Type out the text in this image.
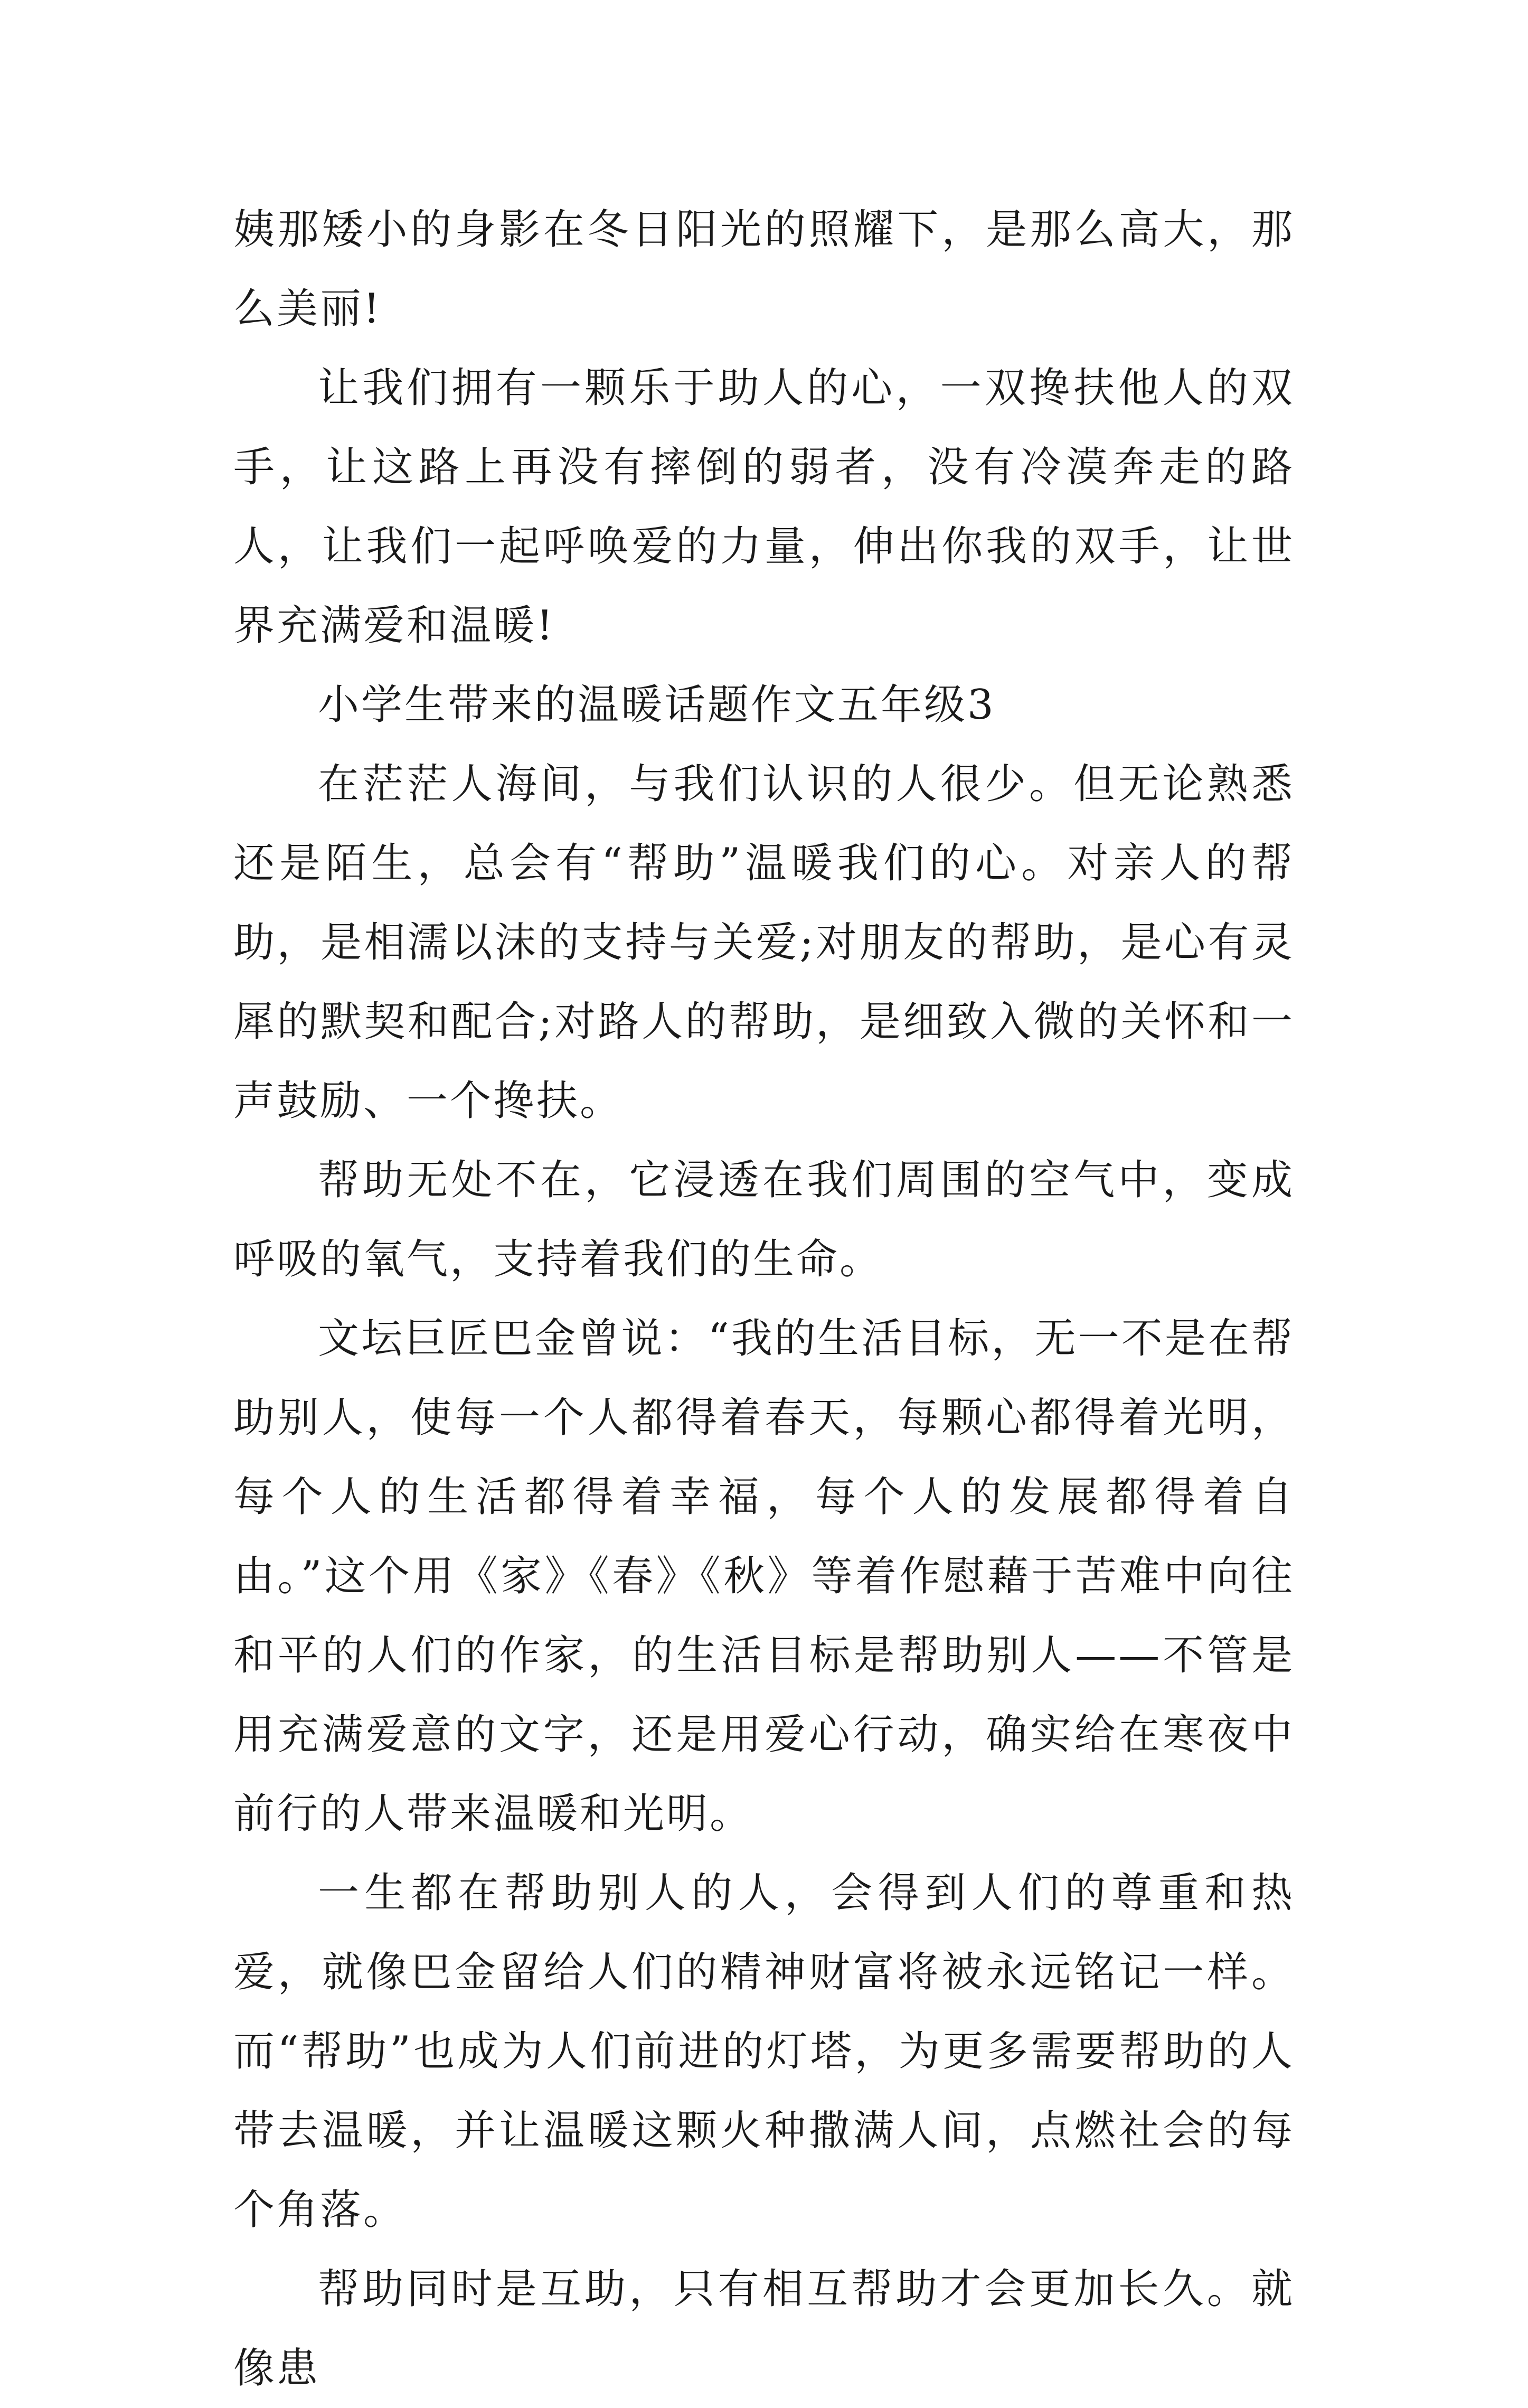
姨那矮小的身影在冬日阳光的照耀下，是那么高大，那么美丽!

让我们拥有一颗乐于助人的心，一双搀扶他人的双手，让这路上再没有摔倒的弱者，没有冷漠奔走的路人，让我们一起呼唤爱的力量，伸出你我的双手，让世界充满爱和温暖!

小学生带来的温暖话题作文五年级3

在茫茫人海间，与我们认识的人很少。但无论熟悉还是陌生，总会有“帮助”温暖我们的心。对亲人的帮助，是相濡以沫的支持与关爱;对朋友的帮助，是心有灵犀的默契和配合;对路人的帮助，是细致入微的关怀和一声鼓励、一个搀扶。

帮助无处不在，它浸透在我们周围的空气中，变成呼吸的氧气，支持着我们的生命。

文坛巨匠巴金曾说：“我的生活目标，无一不是在帮助别人，使每一个人都得着春天，每颗心都得着光明，每个人的生活都得着幸福，每个人的发展都得着自由。”这个用《家》《春》《秋》等着作慰藉于苦难中向往和平的人们的作家，的生活目标是帮助别人——不管是用充满爱意的文字，还是用爱心行动，确实给在寒夜中前行的人带来温暖和光明。

一生都在帮助别人的人，会得到人们的尊重和热爱，就像巴金留给人们的精神财富将被永远铭记一样。而“帮助”也成为人们前进的灯塔，为更多需要帮助的人带去温暖，并让温暖这颗火种撒满人间，点燃社会的每个角落。

帮助同时是互助，只有相互帮助才会更加长久。就像患
